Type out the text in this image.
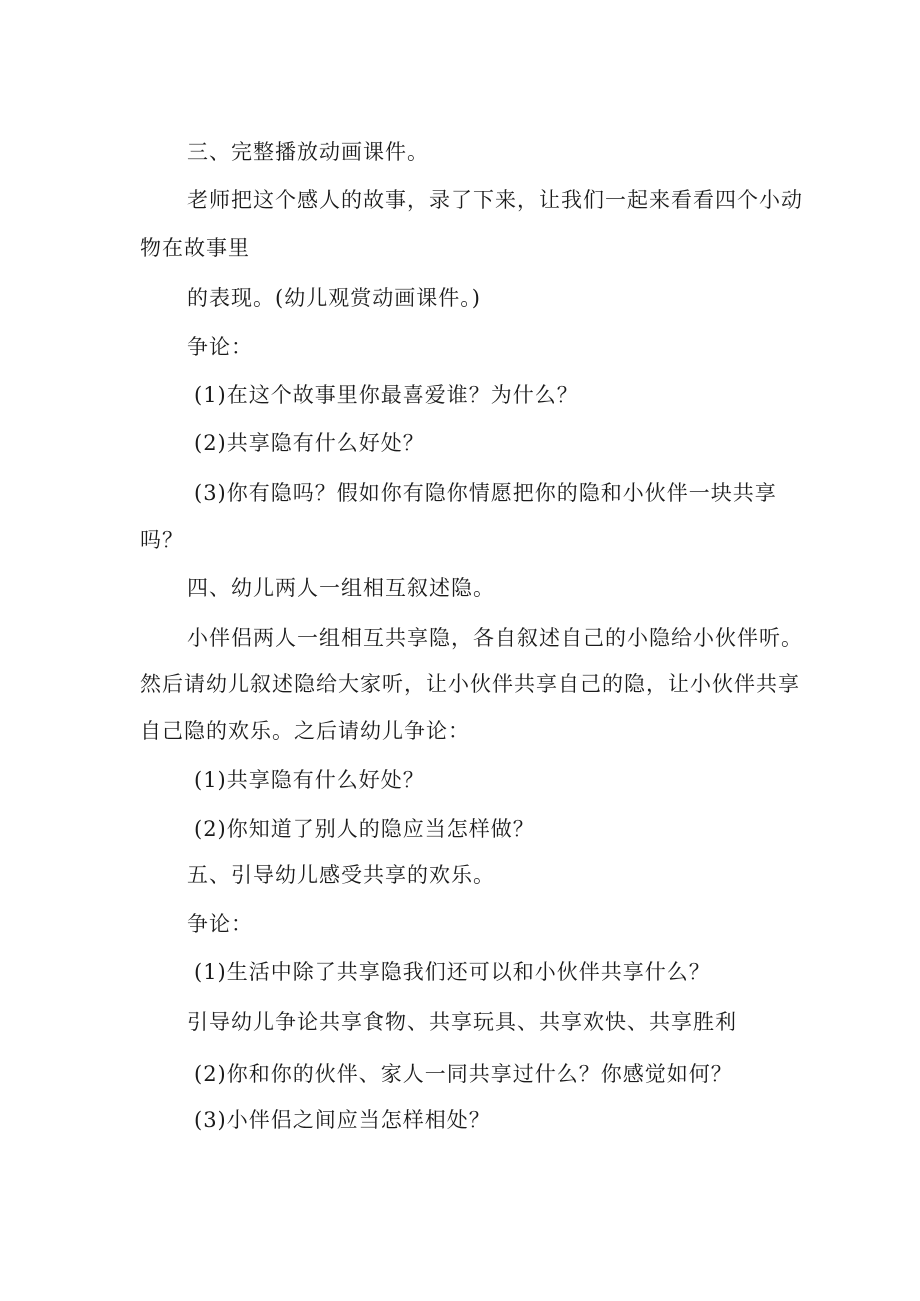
三、完整播放动画课件。
老师把这个感人的故事，录了下来，让我们一起来看看四个小动
物在故事里
的表现。(幼儿观赏动画课件。)
争论：
(1)在这个故事里你最喜爱谁？为什么？
(2)共享隐有什么好处？
(3)你有隐吗？假如你有隐你情愿把你的隐和小伙伴一块共享
吗？
四、幼儿两人一组相互叙述隐。
小伴侣两人一组相互共享隐，各自叙述自己的小隐给小伙伴听。
然后请幼儿叙述隐给大家听，让小伙伴共享自己的隐，让小伙伴共享
自己隐的欢乐。之后请幼儿争论：
(1)共享隐有什么好处？
(2)你知道了别人的隐应当怎样做？
五、引导幼儿感受共享的欢乐。
争论：
(1)生活中除了共享隐我们还可以和小伙伴共享什么？
引导幼儿争论共享食物、共享玩具、共享欢快、共享胜利
(2)你和你的伙伴、家人一同共享过什么？你感觉如何？
(3)小伴侣之间应当怎样相处？
